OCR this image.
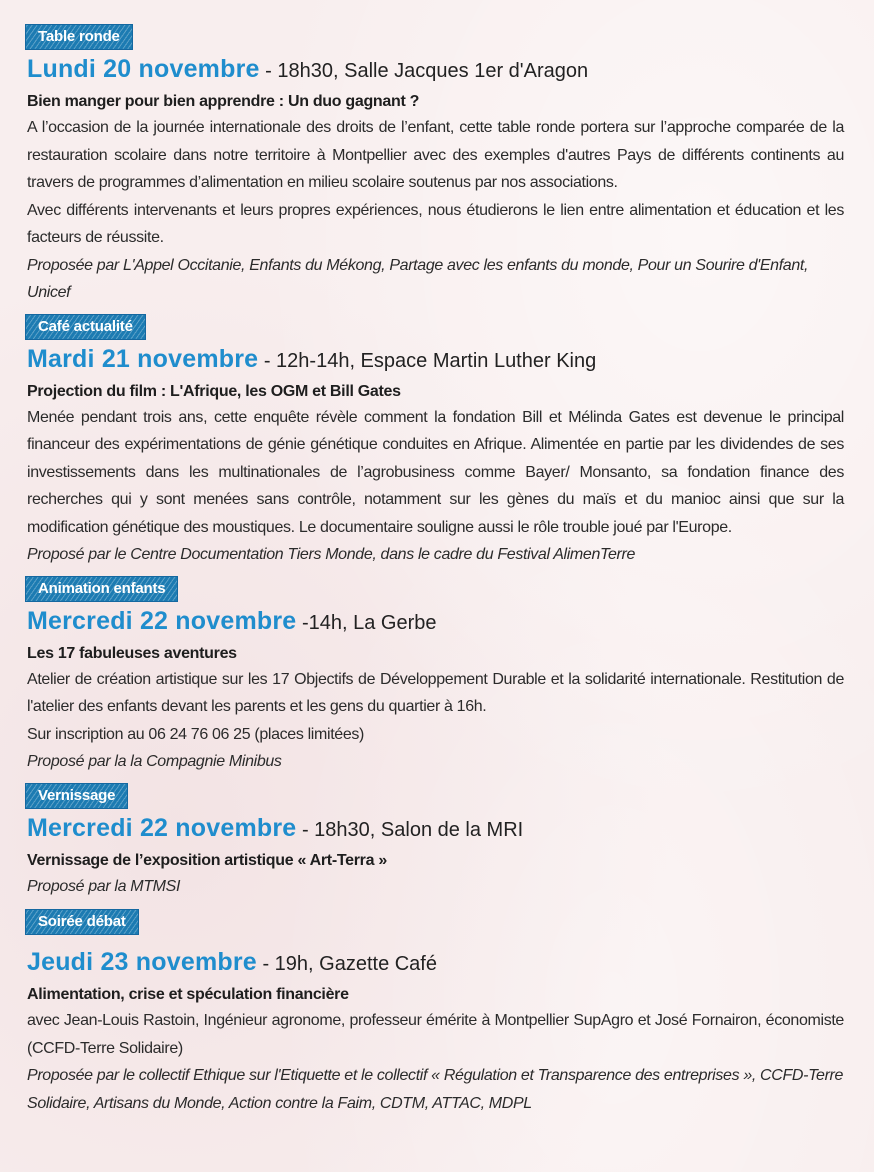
Table ronde
Lundi 20 novembre - 18h30, Salle Jacques 1er d'Aragon
Bien manger pour bien apprendre : Un duo gagnant ?

A l’occasion de la journée internationale des droits de l’enfant, cette table ronde portera sur l’approche comparée de la restauration scolaire dans notre territoire à Montpellier avec des exemples d'autres Pays de différents continents au travers de programmes d’alimentation en milieu scolaire soutenus par nos associations.

Avec différents intervenants et leurs propres expériences, nous étudierons le lien entre alimentation et éducation et les facteurs de réussite.

Proposée par L'Appel Occitanie, Enfants du Mékong, Partage avec les enfants du monde, Pour un Sourire d'Enfant, Unicef
Café actualité
Mardi 21 novembre - 12h-14h, Espace Martin Luther King
Projection du film : L'Afrique, les OGM et Bill Gates

Menée pendant trois ans, cette enquête révèle comment la fondation Bill et Mélinda Gates est devenue le principal financeur des expérimentations de génie génétique conduites en Afrique. Alimentée en partie par les dividendes de ses investissements dans les multinationales de l’agrobusiness comme Bayer/ Monsanto, sa fondation finance des recherches qui y sont menées sans contrôle, notamment sur les gènes du maïs et du manioc ainsi que sur la modification génétique des moustiques. Le documentaire souligne aussi le rôle trouble joué par l'Europe.

Proposé par le Centre Documentation Tiers Monde, dans le cadre du Festival AlimenTerre
Animation enfants
Mercredi 22 novembre -14h, La Gerbe
Les 17 fabuleuses aventures

Atelier de création artistique sur les 17 Objectifs de Développement Durable et la solidarité internationale. Restitution de l'atelier des enfants devant les parents et les gens du quartier à 16h.

Sur inscription au 06 24 76 06 25 (places limitées)

Proposé par la la Compagnie Minibus
Vernissage
Mercredi 22 novembre - 18h30, Salon de la MRI
Vernissage de l’exposition artistique « Art-Terra »
Proposé par la MTMSI
Soirée débat
Jeudi 23 novembre - 19h, Gazette Café
Alimentation, crise et spéculation financière

avec Jean-Louis Rastoin, Ingénieur agronome, professeur émérite à Montpellier SupAgro et José Fornairon, économiste (CCFD-Terre Solidaire)

Proposée par le collectif Ethique sur l'Etiquette et le collectif « Régulation et Transparence des entreprises », CCFD-Terre Solidaire, Artisans du Monde, Action contre la Faim, CDTM, ATTAC, MDPL
